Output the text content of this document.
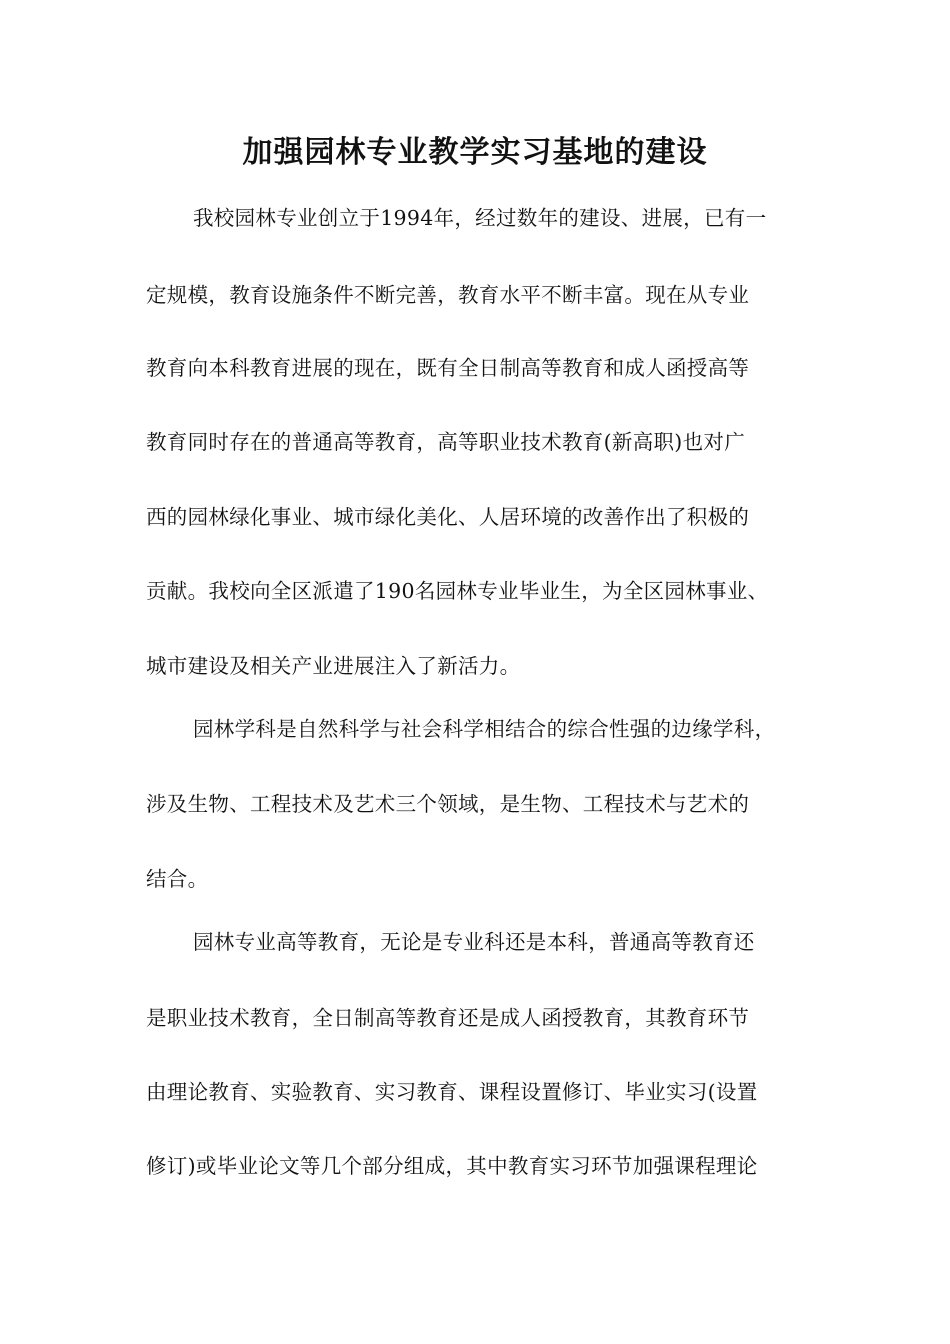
加强园林专业教学实习基地的建设
我校园林专业创立于1994年，经过数年的建设、进展，已有一
定规模，教育设施条件不断完善，教育水平不断丰富。现在从专业
教育向本科教育进展的现在，既有全日制高等教育和成人函授高等
教育同时存在的普通高等教育，高等职业技术教育(新高职)也对广
西的园林绿化事业、城市绿化美化、人居环境的改善作出了积极的
贡献。我校向全区派遣了190名园林专业毕业生，为全区园林事业、
城市建设及相关产业进展注入了新活力。
园林学科是自然科学与社会科学相结合的综合性强的边缘学科，
涉及生物、工程技术及艺术三个领域，是生物、工程技术与艺术的
结合。
园林专业高等教育，无论是专业科还是本科，普通高等教育还
是职业技术教育，全日制高等教育还是成人函授教育，其教育环节
由理论教育、实验教育、实习教育、课程设置修订、毕业实习(设置
修订)或毕业论文等几个部分组成，其中教育实习环节加强课程理论
